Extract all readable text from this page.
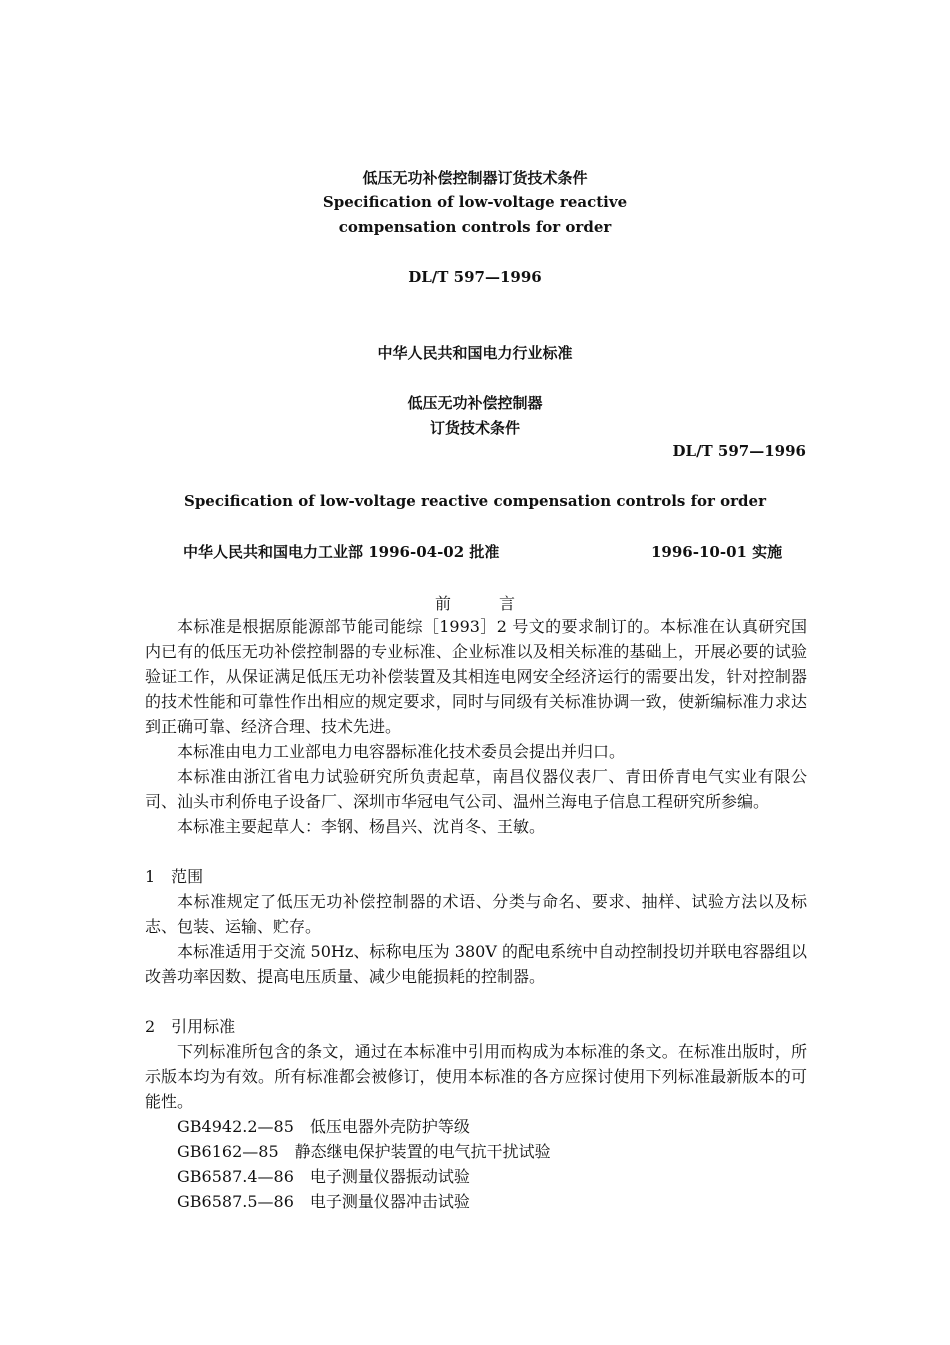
低压无功补偿控制器订货技术条件
Specification of low-voltage reactive
compensation controls for order
DL/T 597—1996
中华人民共和国电力行业标准
低压无功补偿控制器
订货技术条件
DL/T 597—1996
Specification of low-voltage reactive compensation controls for order
中华人民共和国电力工业部 1996-04-02 批准	1996-10-01 实施
前　　　言

本标准是根据原能源部节能司能综［1993］2 号文的要求制订的。本标准在认真研究国内已有的低压无功补偿控制器的专业标准、企业标准以及相关标准的基础上，开展必要的试验验证工作，从保证满足低压无功补偿装置及其相连电网安全经济运行的需要出发，针对控制器的技术性能和可靠性作出相应的规定要求，同时与同级有关标准协调一致，使新编标准力求达到正确可靠、经济合理、技术先进。

本标准由电力工业部电力电容器标准化技术委员会提出并归口。

本标准由浙江省电力试验研究所负责起草，南昌仪器仪表厂、青田侨青电气实业有限公司、汕头市利侨电子设备厂、深圳市华冠电气公司、温州兰海电子信息工程研究所参编。

本标准主要起草人：李钢、杨昌兴、沈肖冬、王敏。

1　范围

本标准规定了低压无功补偿控制器的术语、分类与命名、要求、抽样、试验方法以及标志、包装、运输、贮存。

本标准适用于交流 50Hz、标称电压为 380V 的配电系统中自动控制投切并联电容器组以改善功率因数、提高电压质量、减少电能损耗的控制器。

2　引用标准

下列标准所包含的条文，通过在本标准中引用而构成为本标准的条文。在标准出版时，所示版本均为有效。所有标准都会被修订，使用本标准的各方应探讨使用下列标准最新版本的可能性。

GB4942.2—85　 低压电器外壳防护等级

GB6162—85　 静态继电保护装置的电气抗干扰试验

GB6587.4—86　 电子测量仪器振动试验

GB6587.5—86　 电子测量仪器冲击试验
